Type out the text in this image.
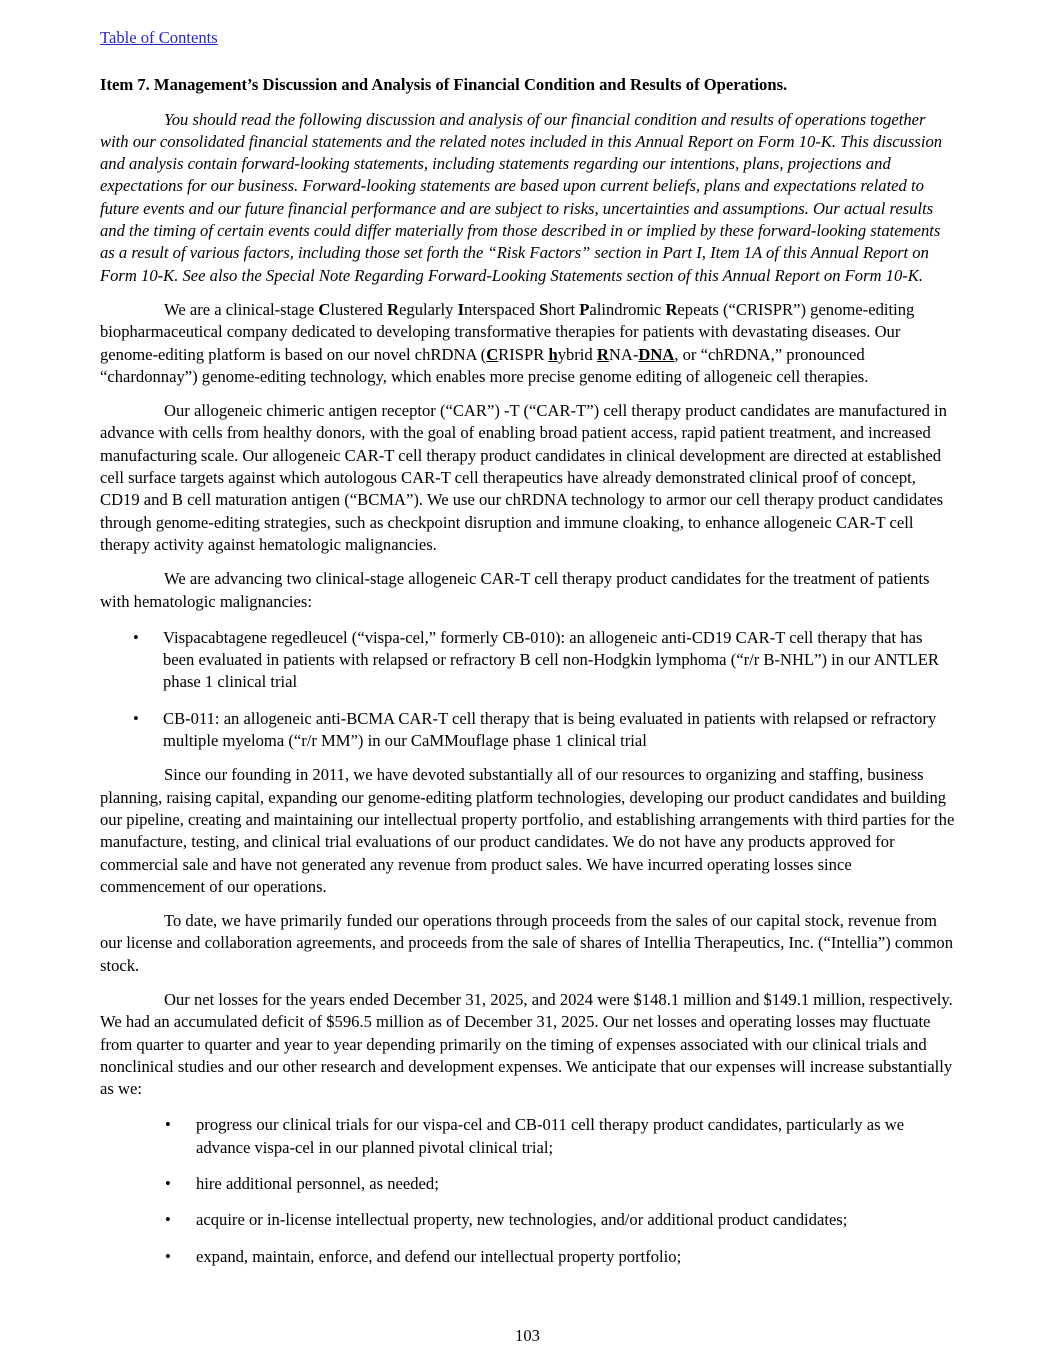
Table of Contents
Item 7. Management’s Discussion and Analysis of Financial Condition and Results of Operations.

You should read the following discussion and analysis of our financial condition and results of operations together with our consolidated financial statements and the related notes included in this Annual Report on Form 10-K. This discussion and analysis contain forward-looking statements, including statements regarding our intentions, plans, projections and expectations for our business. Forward-looking statements are based upon current beliefs, plans and expectations related to future events and our future financial performance and are subject to risks, uncertainties and assumptions. Our actual results and the timing of certain events could differ materially from those described in or implied by these forward-looking statements as a result of various factors, including those set forth the “Risk Factors” section in Part I, Item 1A of this Annual Report on Form 10-K. See also the Special Note Regarding Forward-Looking Statements section of this Annual Report on Form 10-K.

We are a clinical-stage Clustered Regularly Interspaced Short Palindromic Repeats (“CRISPR”) genome-editing biopharmaceutical company dedicated to developing transformative therapies for patients with devastating diseases. Our genome-editing platform is based on our novel chRDNA (CRISPR hybrid RNA-DNA, or “chRDNA,” pronounced “chardonnay”) genome-editing technology, which enables more precise genome editing of allogeneic cell therapies.

Our allogeneic chimeric antigen receptor (“CAR”) -T (“CAR-T”) cell therapy product candidates are manufactured in advance with cells from healthy donors, with the goal of enabling broad patient access, rapid patient treatment, and increased manufacturing scale. Our allogeneic CAR-T cell therapy product candidates in clinical development are directed at established cell surface targets against which autologous CAR-T cell therapeutics have already demonstrated clinical proof of concept, CD19 and B cell maturation antigen (“BCMA”). We use our chRDNA technology to armor our cell therapy product candidates through genome-editing strategies, such as checkpoint disruption and immune cloaking, to enhance allogeneic CAR-T cell therapy activity against hematologic malignancies.

We are advancing two clinical-stage allogeneic CAR-T cell therapy product candidates for the treatment of patients with hematologic malignancies:

• Vispacabtagene regedleucel (“vispa-cel,” formerly CB-010): an allogeneic anti-CD19 CAR-T cell therapy that has been evaluated in patients with relapsed or refractory B cell non-Hodgkin lymphoma (“r/r B-NHL”) in our ANTLER phase 1 clinical trial
• CB-011: an allogeneic anti-BCMA CAR-T cell therapy that is being evaluated in patients with relapsed or refractory multiple myeloma (“r/r MM”) in our CaMMouflage phase 1 clinical trial

Since our founding in 2011, we have devoted substantially all of our resources to organizing and staffing, business planning, raising capital, expanding our genome-editing platform technologies, developing our product candidates and building our pipeline, creating and maintaining our intellectual property portfolio, and establishing arrangements with third parties for the manufacture, testing, and clinical trial evaluations of our product candidates. We do not have any products approved for commercial sale and have not generated any revenue from product sales. We have incurred operating losses since commencement of our operations.

To date, we have primarily funded our operations through proceeds from the sales of our capital stock, revenue from our license and collaboration agreements, and proceeds from the sale of shares of Intellia Therapeutics, Inc. (“Intellia”) common stock.

Our net losses for the years ended December 31, 2025, and 2024 were $148.1 million and $149.1 million, respectively. We had an accumulated deficit of $596.5 million as of December 31, 2025. Our net losses and operating losses may fluctuate from quarter to quarter and year to year depending primarily on the timing of expenses associated with our clinical trials and nonclinical studies and our other research and development expenses. We anticipate that our expenses will increase substantially as we:

• progress our clinical trials for our vispa-cel and CB-011 cell therapy product candidates, particularly as we advance vispa-cel in our planned pivotal clinical trial;
• hire additional personnel, as needed;
• acquire or in-license intellectual property, new technologies, and/or additional product candidates;
• expand, maintain, enforce, and defend our intellectual property portfolio;
103
